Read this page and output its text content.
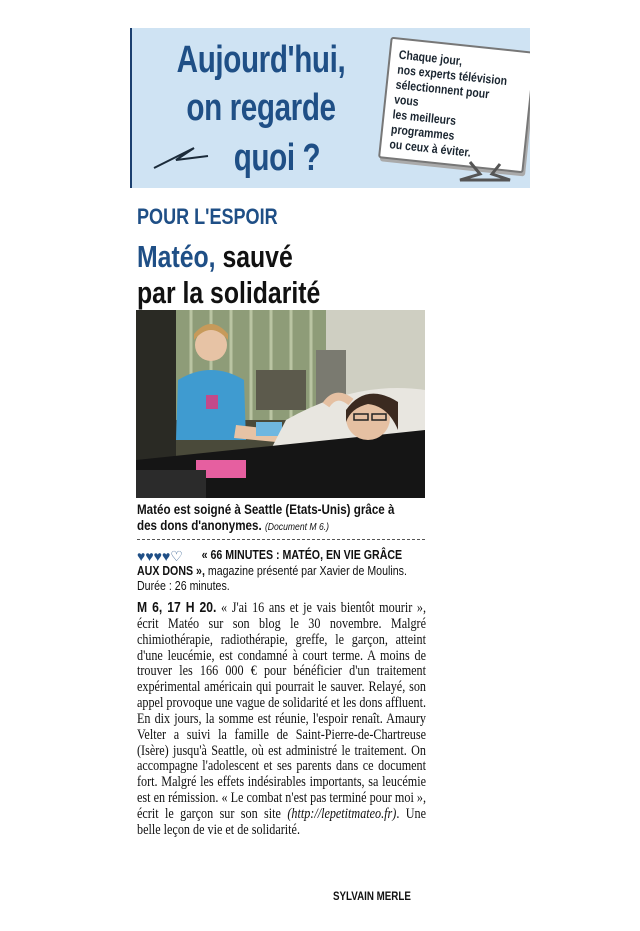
Aujourd'hui,
on regarde
quoi ?
Chaque jour,
nos experts télévision
sélectionnent pour vous
les meilleurs programmes
ou ceux à éviter.
POUR L'ESPOIR
Matéo, sauvé
par la solidarité
Matéo est soigné à Seattle (Etats-Unis) grâce à des dons d'anonymes. (Document M 6.)
♥♥♥♥♡	« 66 MINUTES : MATÉO, EN VIE GRÂCE AUX DONS », magazine présenté par Xavier de Moulins. Durée : 26 minutes.
M 6, 17 H 20. « J'ai 16 ans et je vais bientôt mourir », écrit Matéo sur son blog le 30 novembre. Malgré chimiothérapie, radiothérapie, greffe, le garçon, atteint d'une leucémie, est condamné à court terme. A moins de trouver les 166 000 € pour bénéficier d'un traitement expérimental américain qui pourrait le sauver. Relayé, son appel provoque une vague de solidarité et les dons affluent. En dix jours, la somme est réunie, l'espoir renaît. Amaury Velter a suivi la famille de Saint-Pierre-de-Chartreuse (Isère) jusqu'à Seattle, où est administré le traitement. On accompagne l'adolescent et ses parents dans ce document fort. Malgré les effets indésirables importants, sa leucémie est en rémission. « Le combat n'est pas terminé pour moi », écrit le garçon sur son site (http://lepetitmateo.fr). Une belle leçon de vie et de solidarité.
SYLVAIN MERLE
